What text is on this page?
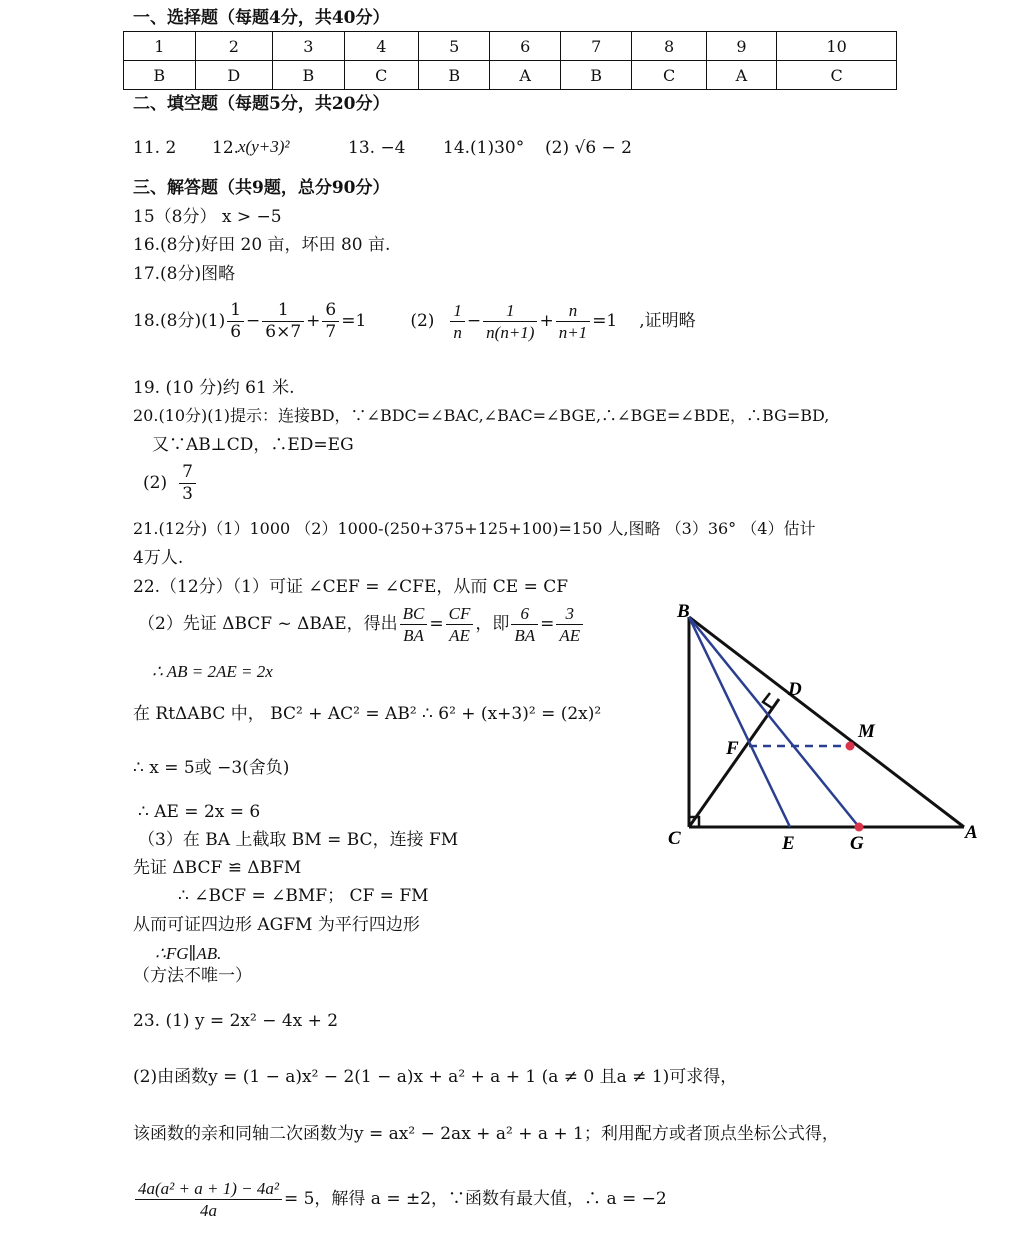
一、选择题（每题4分，共40分）
1	2	3	4	5	6	7	8	9	10
B	D	B	C	B	A	B	C	A	C
二、填空题（每题5分，共20分）
11. 2 12.
x(y+3)²	13. −4 14.(1)30° (2) √6 − 2
三、解答题（共9题，总分90分）
15（8分） x > −5
16.(8分)好田 20 亩，坏田 80 亩.
17.(8分)图略
18.(8分)$(1) \frac{1}{6} - \frac{1}{6\times 7} + \frac{6}{7} =1$	$(2) \frac{1}{n} - \frac{1}{n(n+1)} + \frac{n}{n+1} =1$ ,证明略
19. (10 分)约 61 米.
20.(10分)(1)提示：连接BD，∵∠BDC=∠BAC,∠BAC=∠BGE,∴∠BGE=∠BDE，∴BG=BD,
又∵AB⊥CD，∴ED=EG
$(2) \frac{7}{3}$
21.(12分)（1）1000 （2）1000-(250+375+125+100)=150 人,图略 （3）36° （4）估计
4万人.
22.（12分）（1）可证 ∠CEF = ∠CFE，从而 CE = CF
（2）先证 ΔBCF ~ ΔBAE，得出 $\frac{BC}{BA} = \frac{CF}{AE}$ ，即 $\frac{6}{BA} = \frac{3}{AE}$
∴ AB = 2AE = 2x
在 RtΔABC 中， BC² + AC² = AB² ∴ 6² + (x+3)² = (2x)²
∴ x = 5或 −3(舍负)
∴ AE = 2x = 6
（3）在 BA 上截取 BM = BC，连接 FM
先证 ΔBCF ≌ ΔBFM
∴ ∠BCF = ∠BMF； CF = FM
从而可证四边形 AGFM 为平行四边形
∴FG∥AB.
（方法不唯一）
23. (1) y = 2x² − 4x + 2
(2)由函数y = (1 − a)x² − 2(1 − a)x + a² + a + 1 (a ≠ 0 且a ≠ 1)可求得，
该函数的亲和同轴二次函数为y = ax² − 2ax + a² + a + 1；利用配方或者顶点坐标公式得，
$\frac{\text{4a(a² + a + 1) − 4a²}}{4a} = 5$，解得 a = ±2，∵函数有最大值，∴ a = −2
B
D
M
F
C	E	G
A
